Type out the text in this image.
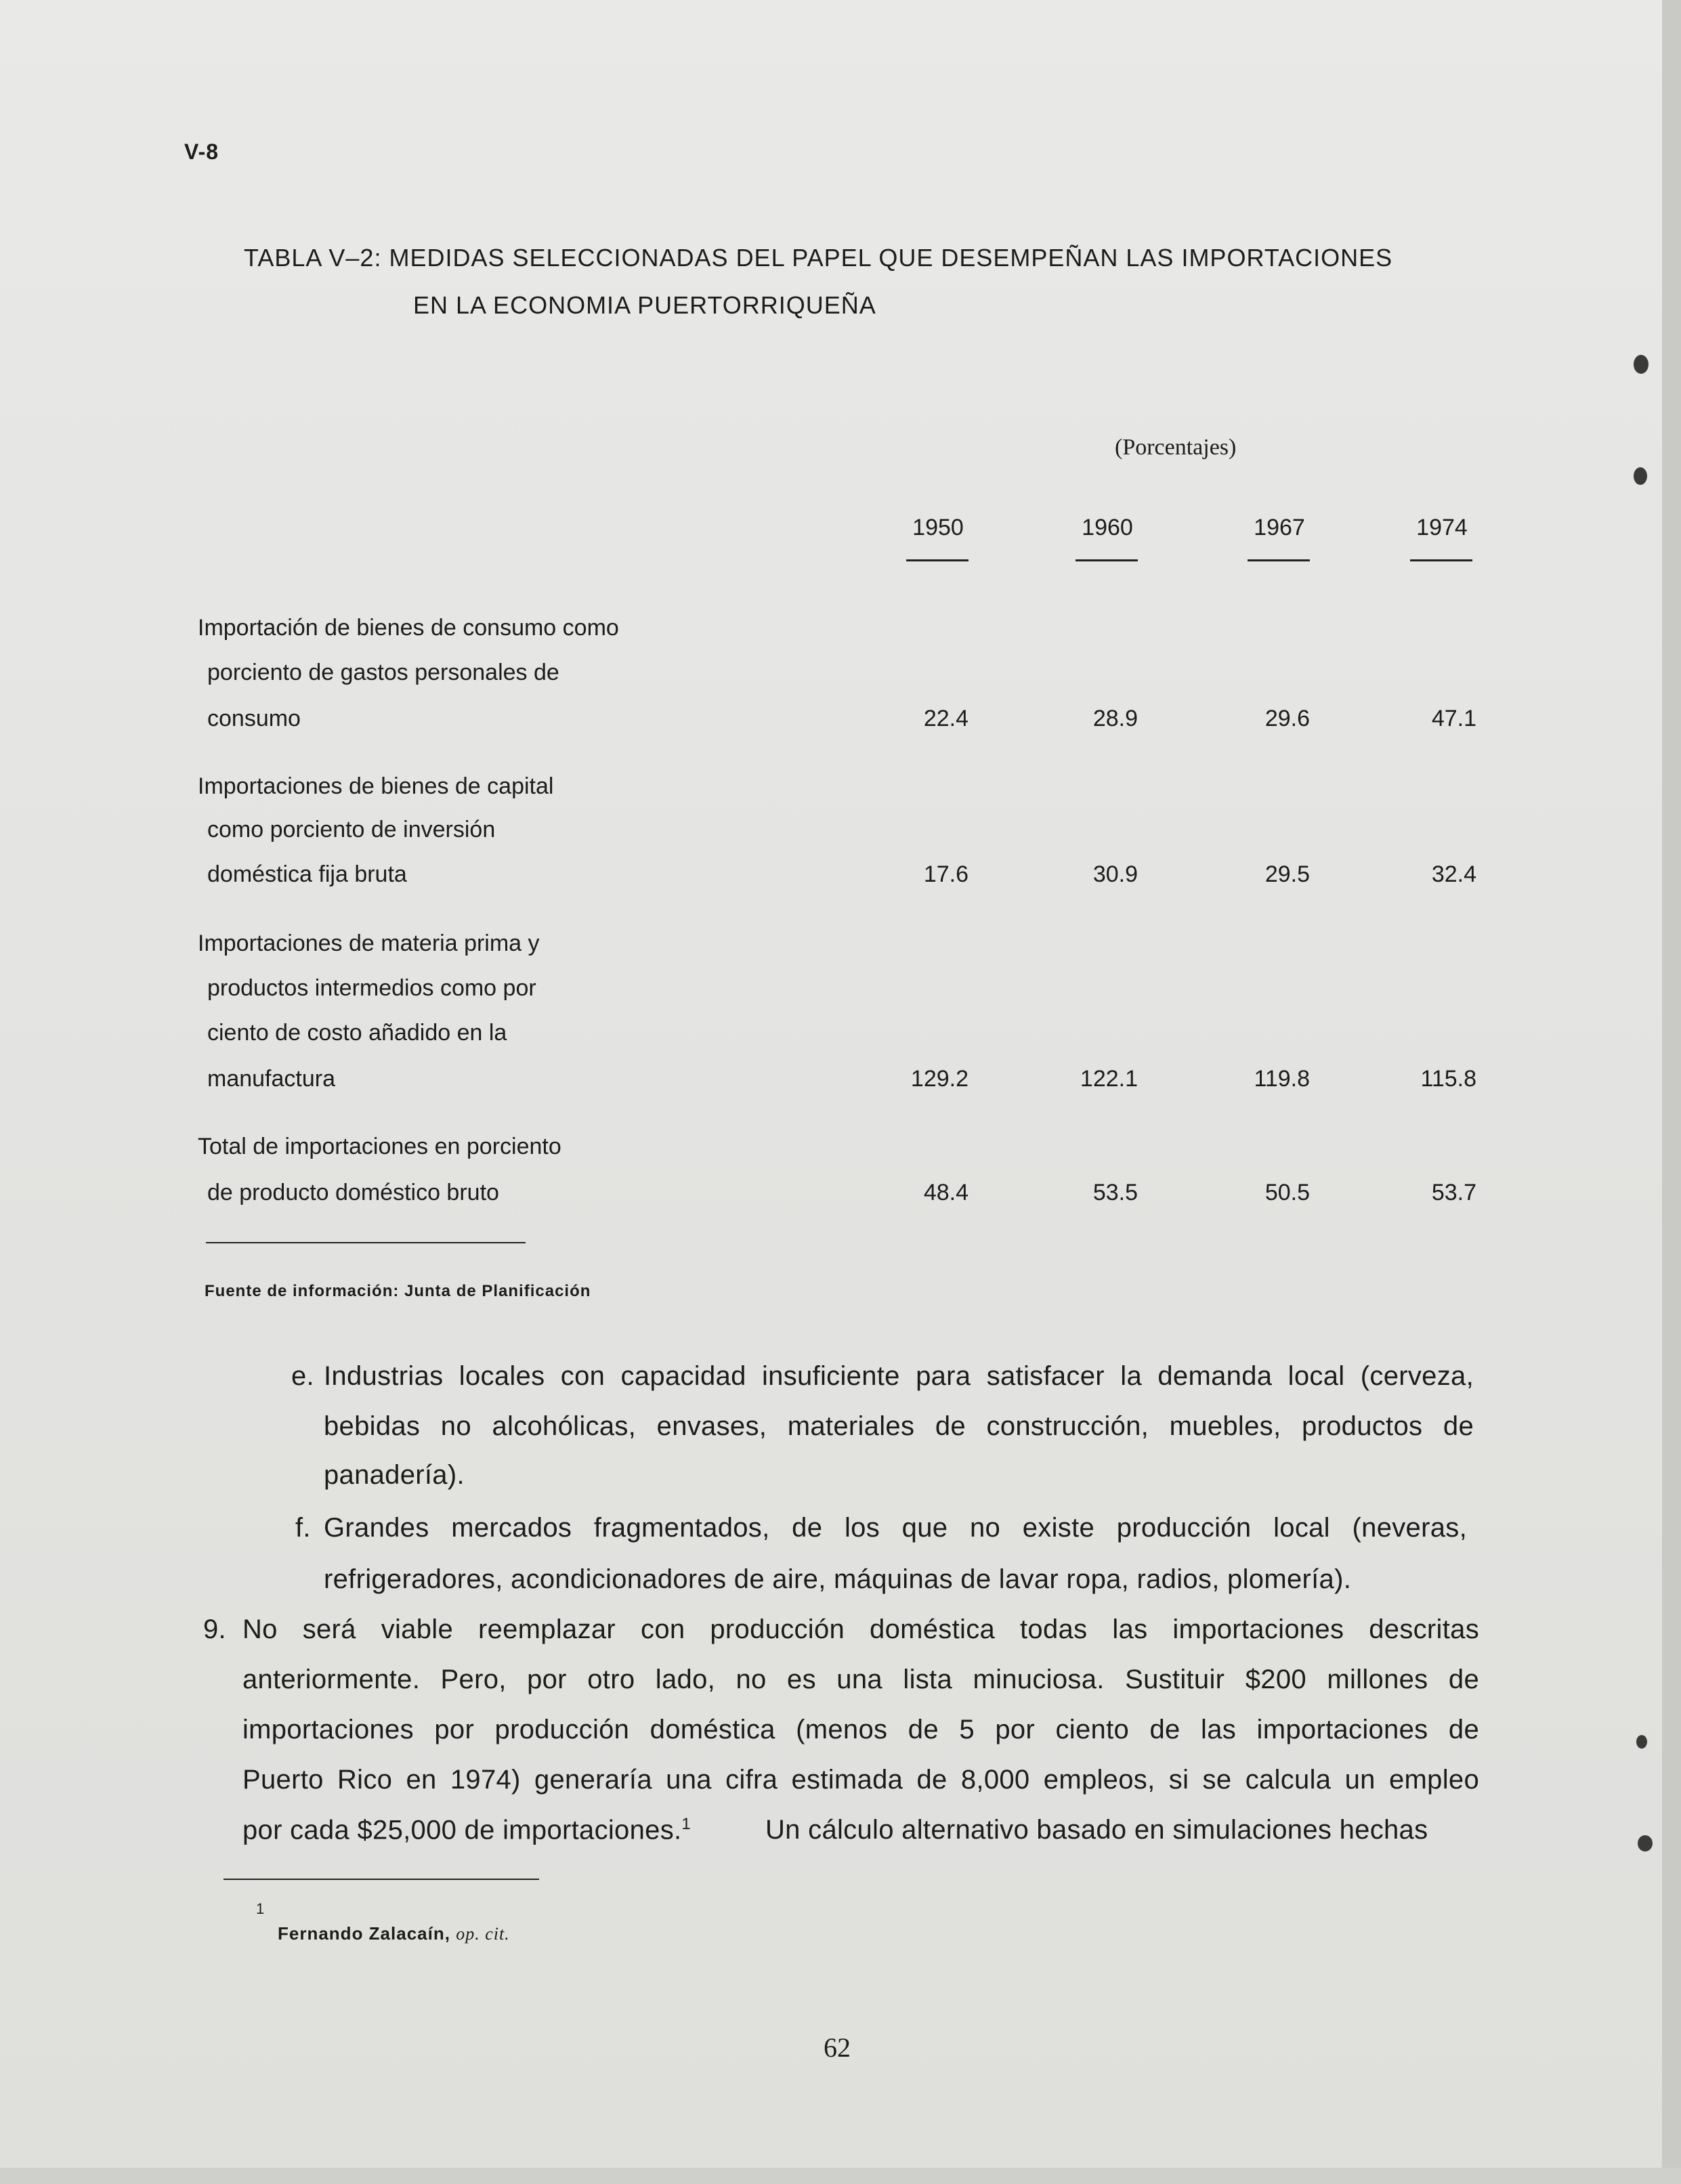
V-8
TABLA V–2: MEDIDAS SELECCIONADAS DEL PAPEL QUE DESEMPEÑAN LAS IMPORTACIONES
EN LA ECONOMIA PUERTORRIQUEÑA
(Porcentajes)
1950	1960	1967	1974
Importación de bienes de consumo como
porciento de gastos personales de
consumo	22.4	28.9	29.6	47.1
Importaciones de bienes de capital
como porciento de inversión
doméstica fija bruta	17.6	30.9	29.5	32.4
Importaciones de materia prima y
productos intermedios como por
ciento de costo añadido en la
manufactura	129.2	122.1	119.8	115.8
Total de importaciones en porciento
de producto doméstico bruto	48.4	53.5	50.5	53.7
Fuente de información: Junta de Planificación
e. Industrias locales con capacidad insuficiente para satisfacer la demanda local (cerveza,
bebidas no alcohólicas, envases, materiales de construcción, muebles, productos de
panadería).
f. Grandes mercados fragmentados, de los que no existe producción local (neveras,
refrigeradores, acondicionadores de aire, máquinas de lavar ropa, radios, plomería).
9. No será viable reemplazar con producción doméstica todas las importaciones descritas
anteriormente. Pero, por otro lado, no es una lista minuciosa. Sustituir $200 millones de
importaciones por producción doméstica (menos de 5 por ciento de las importaciones de
Puerto Rico en 1974) generaría una cifra estimada de 8,000 empleos, si se calcula un empleo
por cada $25,000 de importaciones.$^1$	Un cálculo alternativo basado en simulaciones hechas
1
Fernando Zalacaín, op. cit.
62
